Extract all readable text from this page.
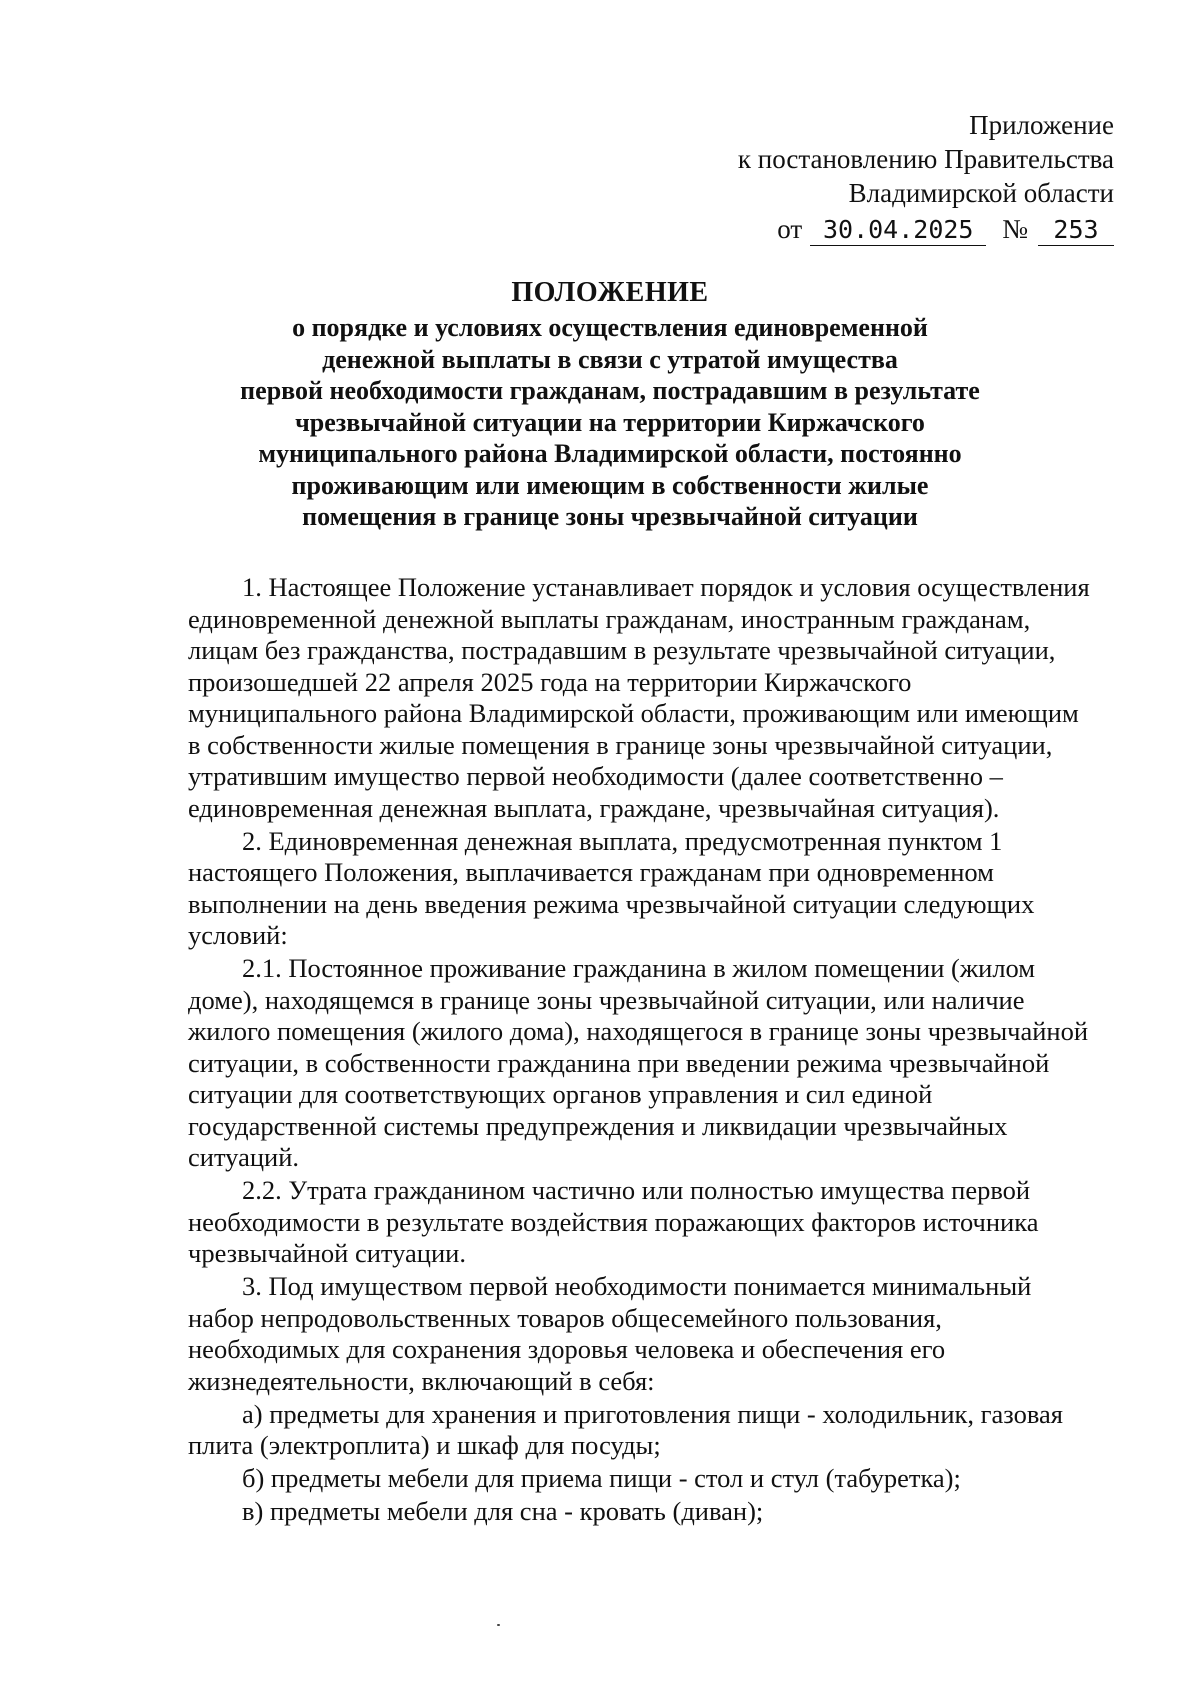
Приложение
к постановлению Правительства
Владимирской области
от 30.04.2025 № 253
ПОЛОЖЕНИЕ
о порядке и условиях осуществления единовременной
денежной выплаты в связи с утратой имущества
первой необходимости гражданам, пострадавшим в результате
чрезвычайной ситуации на территории Киржачского
муниципального района Владимирской области, постоянно
проживающим или имеющим в собственности жилые
помещения в границе зоны чрезвычайной ситуации
1. Настоящее Положение устанавливает порядок и условия осуществления
единовременной денежной выплаты гражданам, иностранным гражданам,
лицам без гражданства, пострадавшим в результате чрезвычайной ситуации,
произошедшей 22 апреля 2025 года на территории Киржачского
муниципального района Владимирской области, проживающим или имеющим
в собственности жилые помещения в границе зоны чрезвычайной ситуации,
утратившим имущество первой необходимости (далее соответственно –
единовременная денежная выплата, граждане, чрезвычайная ситуация).
2. Единовременная денежная выплата, предусмотренная пунктом 1
настоящего Положения, выплачивается гражданам при одновременном
выполнении на день введения режима чрезвычайной ситуации следующих
условий:
2.1. Постоянное проживание гражданина в жилом помещении (жилом
доме), находящемся в границе зоны чрезвычайной ситуации, или наличие
жилого помещения (жилого дома), находящегося в границе зоны чрезвычайной
ситуации, в собственности гражданина при введении режима чрезвычайной
ситуации для соответствующих органов управления и сил единой
государственной системы предупреждения и ликвидации чрезвычайных
ситуаций.
2.2. Утрата гражданином частично или полностью имущества первой
необходимости в результате воздействия поражающих факторов источника
чрезвычайной ситуации.
3. Под имуществом первой необходимости понимается минимальный
набор непродовольственных товаров общесемейного пользования,
необходимых для сохранения здоровья человека и обеспечения его
жизнедеятельности, включающий в себя:
а) предметы для хранения и приготовления пищи - холодильник, газовая
плита (электроплита) и шкаф для посуды;
б) предметы мебели для приема пищи - стол и стул (табуретка);
в) предметы мебели для сна - кровать (диван);
